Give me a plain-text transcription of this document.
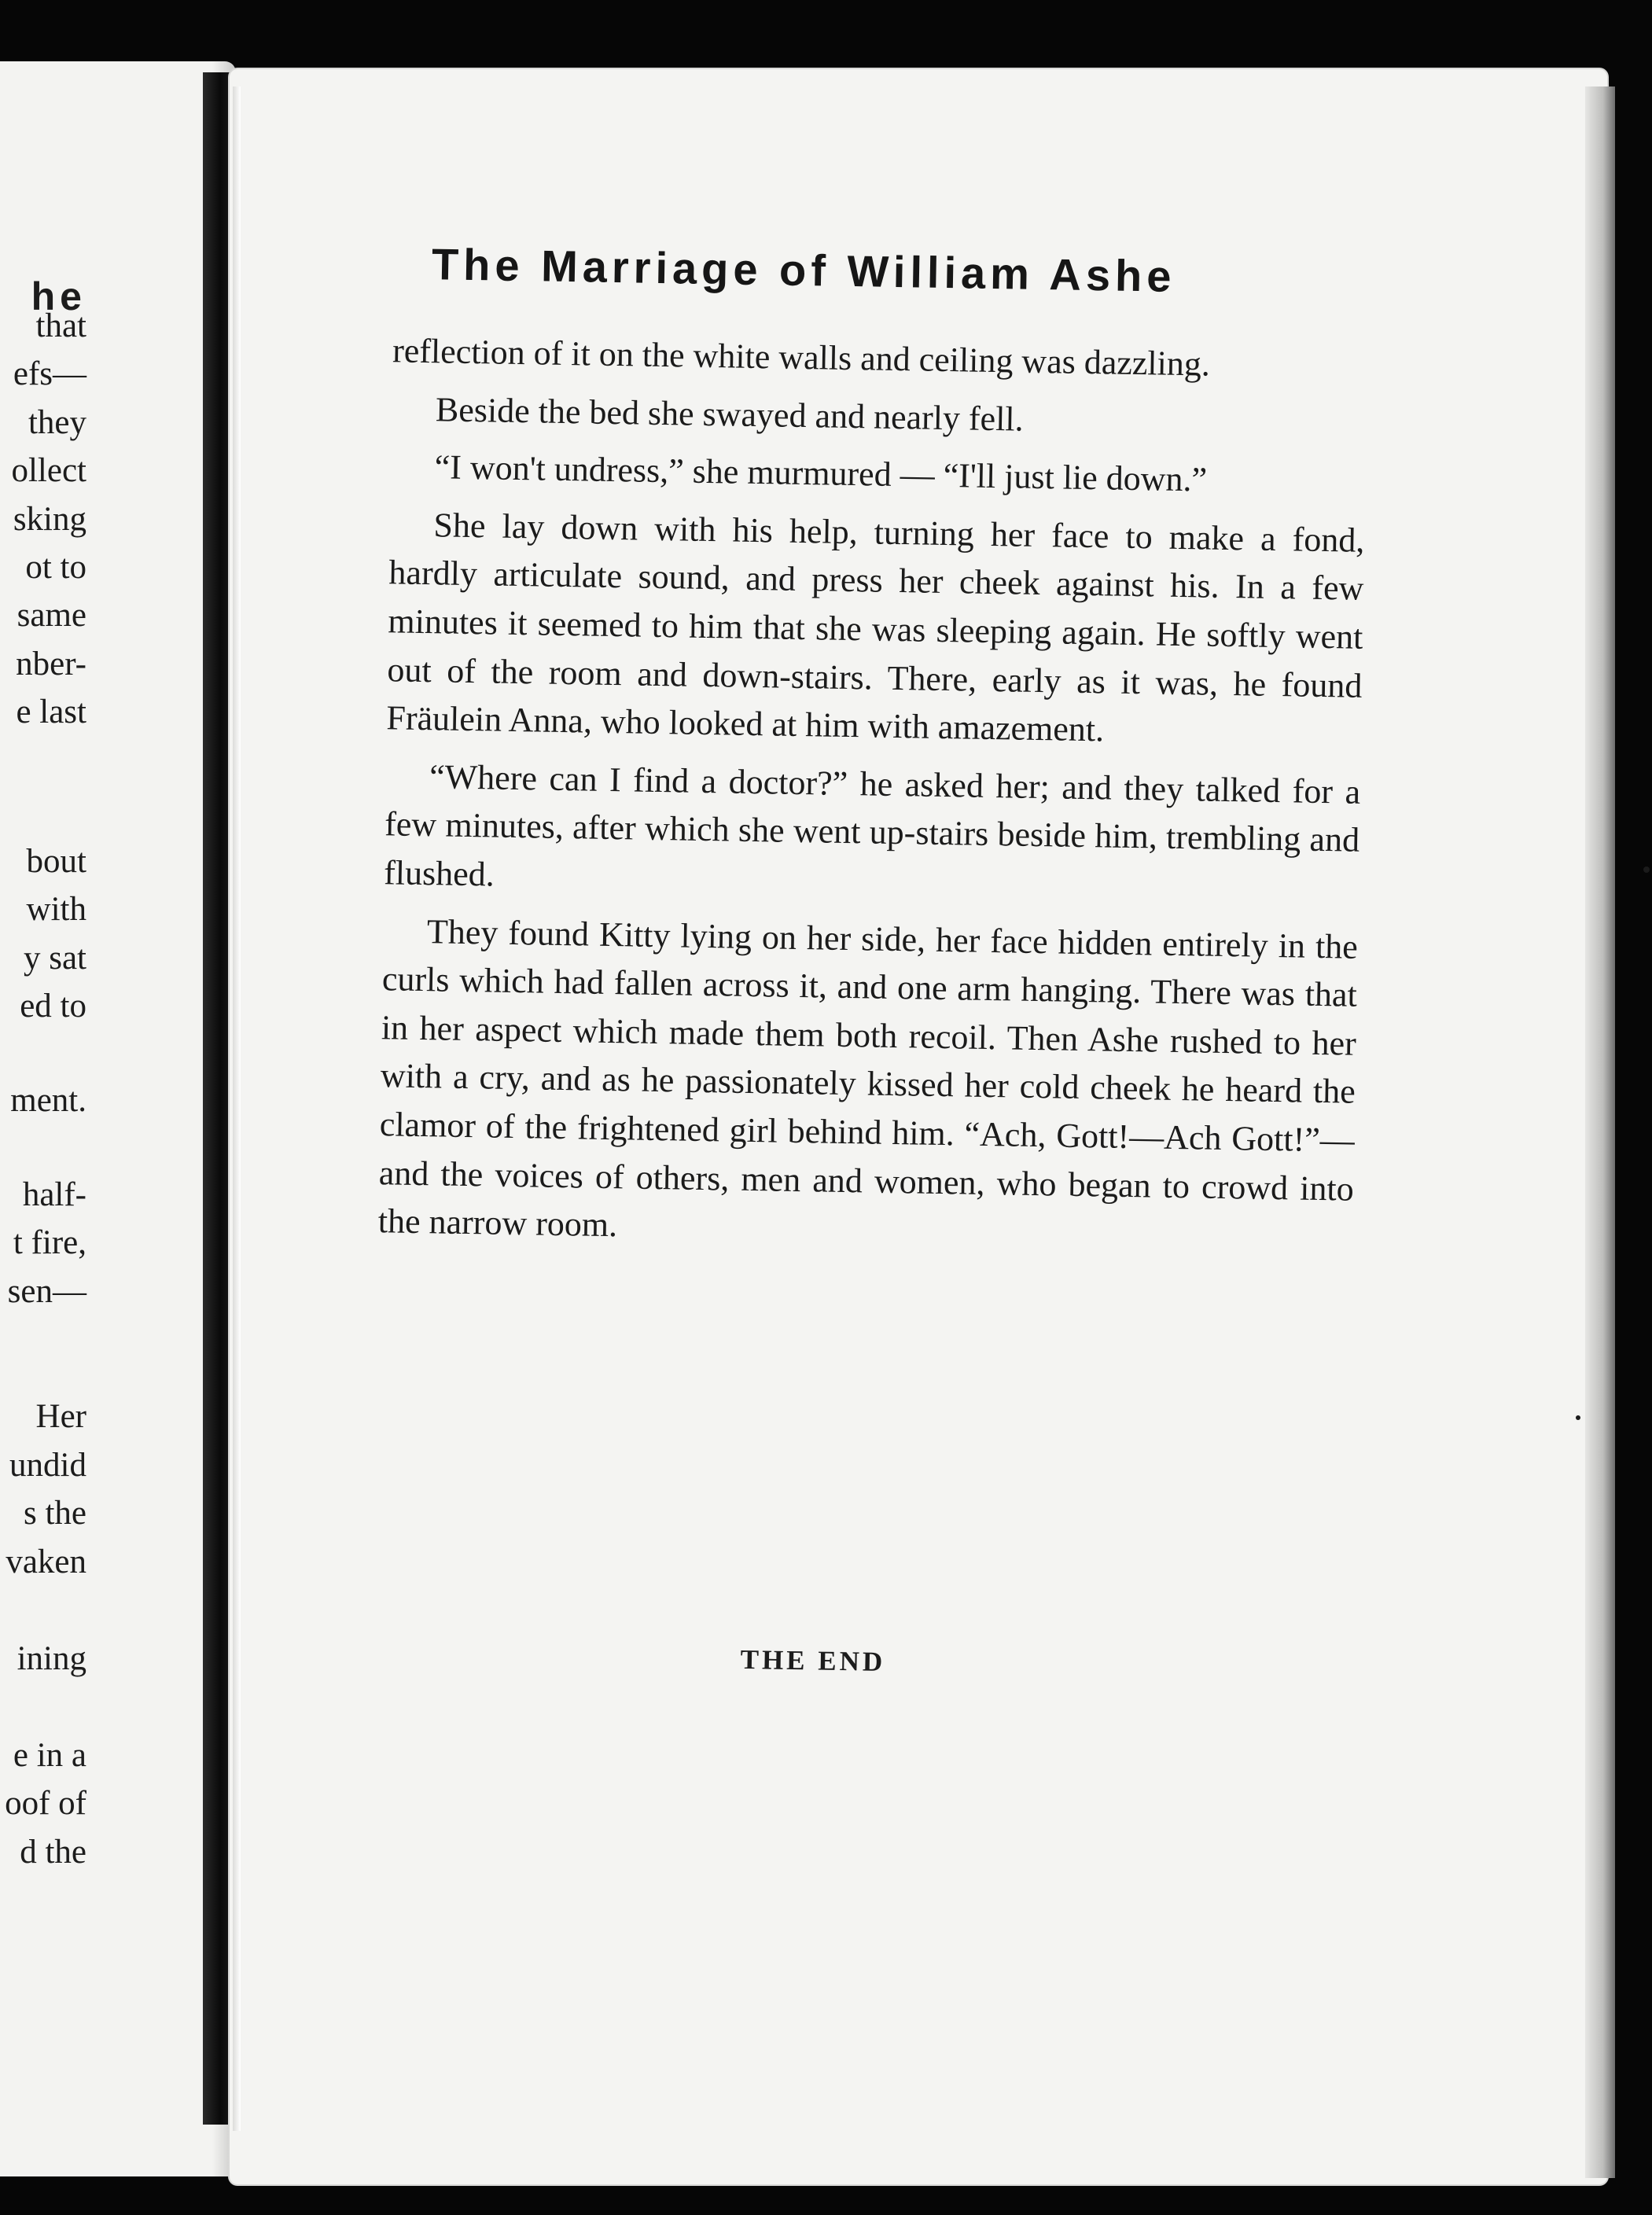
he
that
efs—
they
ollect
sking
ot to
same
nber-
e last
bout
with
y sat
ed to
ment.
half-
t fire,
sen—
Her
undid
s the
vaken
ining
e in a
oof of
d the
The Marriage of William Ashe

reflection of it on the white walls and ceiling was dazzling.

Beside the bed she swayed and nearly fell.

“I won't undress,” she murmured — “I'll just lie down.”

She lay down with his help, turning her face to make a fond, hardly articulate sound, and press her cheek against his. In a few minutes it seemed to him that she was sleeping again. He softly went out of the room and down-stairs. There, early as it was, he found Fräulein Anna, who looked at him with amazement.

“Where can I find a doctor?” he asked her; and they talked for a few minutes, after which she went up-stairs beside him, trembling and flushed.

They found Kitty lying on her side, her face hidden entirely in the curls which had fallen across it, and one arm hanging. There was that in her aspect which made them both recoil. Then Ashe rushed to her with a cry, and as he passionately kissed her cold cheek he heard the clamor of the frightened girl behind him. “Ach, Gott!—Ach Gott!”—and the voices of others, men and women, who began to crowd into the narrow room.

THE END
